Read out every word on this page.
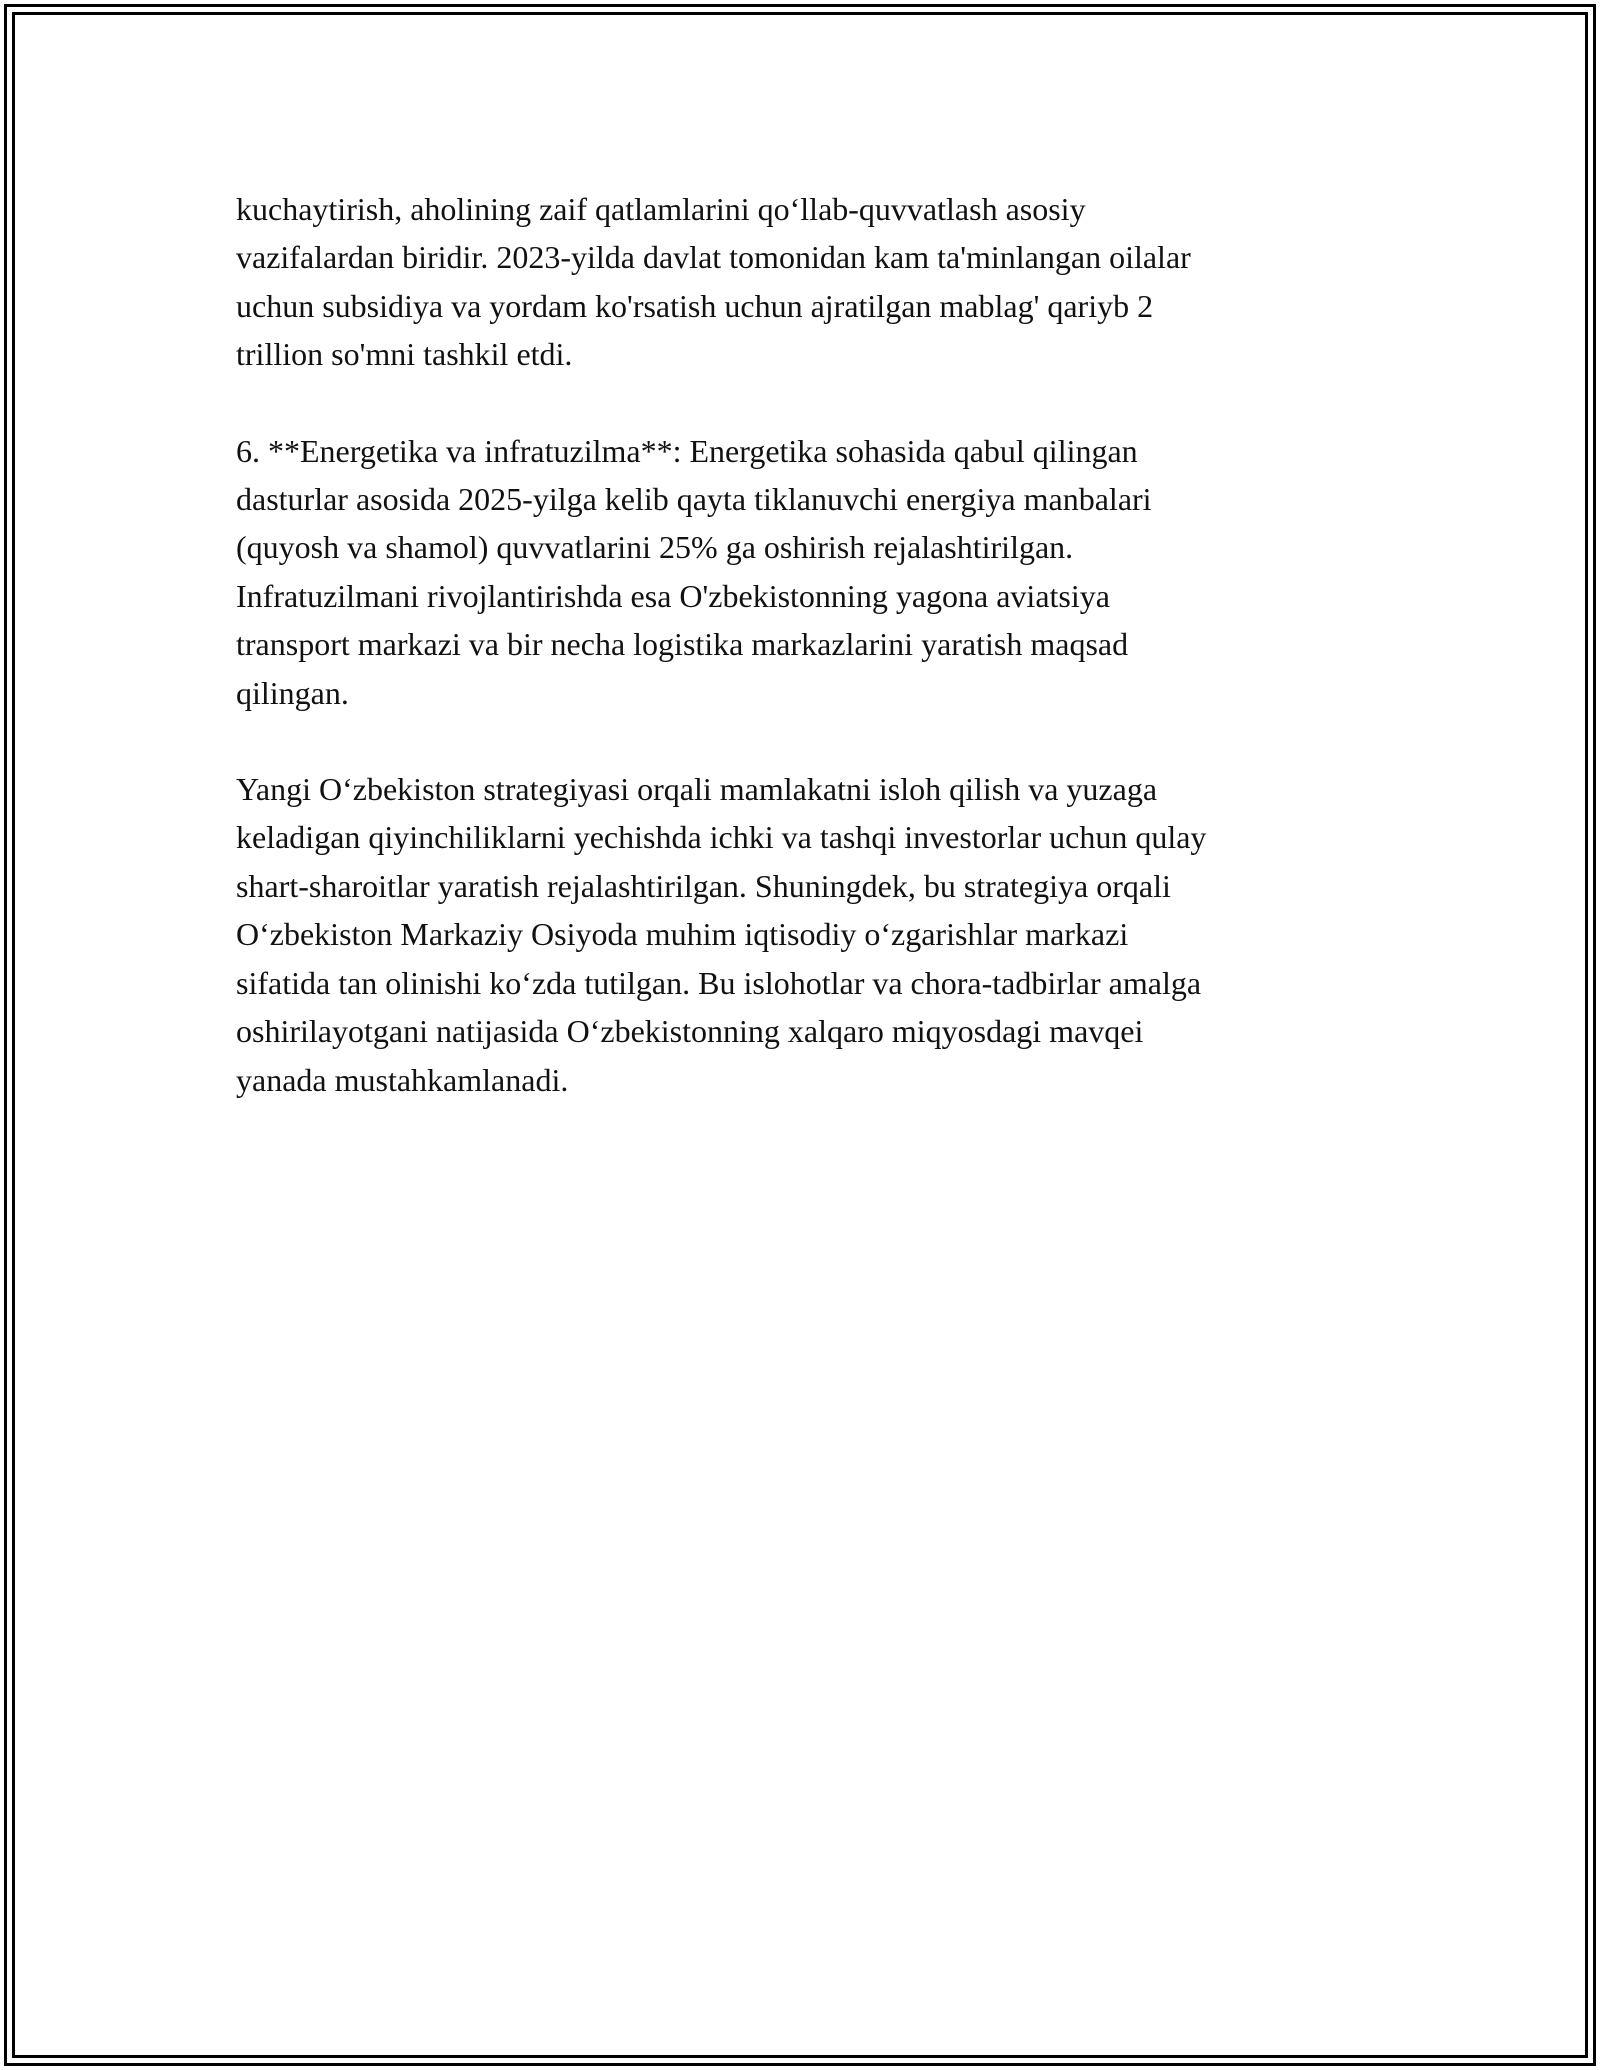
kuchaytirish, aholining zaif qatlamlarini qo‘llab-quvvatlash asosiy
vazifalardan biridir. 2023-yilda davlat tomonidan kam ta'minlangan oilalar
uchun subsidiya va yordam ko'rsatish uchun ajratilgan mablag' qariyb 2
trillion so'mni tashkil etdi.

6. **Energetika va infratuzilma**: Energetika sohasida qabul qilingan
dasturlar asosida 2025-yilga kelib qayta tiklanuvchi energiya manbalari
(quyosh va shamol) quvvatlarini 25% ga oshirish rejalashtirilgan.
Infratuzilmani rivojlantirishda esa O'zbekistonning yagona aviatsiya
transport markazi va bir necha logistika markazlarini yaratish maqsad
qilingan.

Yangi O‘zbekiston strategiyasi orqali mamlakatni isloh qilish va yuzaga
keladigan qiyinchiliklarni yechishda ichki va tashqi investorlar uchun qulay
shart-sharoitlar yaratish rejalashtirilgan. Shuningdek, bu strategiya orqali
O‘zbekiston Markaziy Osiyoda muhim iqtisodiy o‘zgarishlar markazi
sifatida tan olinishi ko‘zda tutilgan. Bu islohotlar va chora-tadbirlar amalga
oshirilayotgani natijasida O‘zbekistonning xalqaro miqyosdagi mavqei
yanada mustahkamlanadi.
